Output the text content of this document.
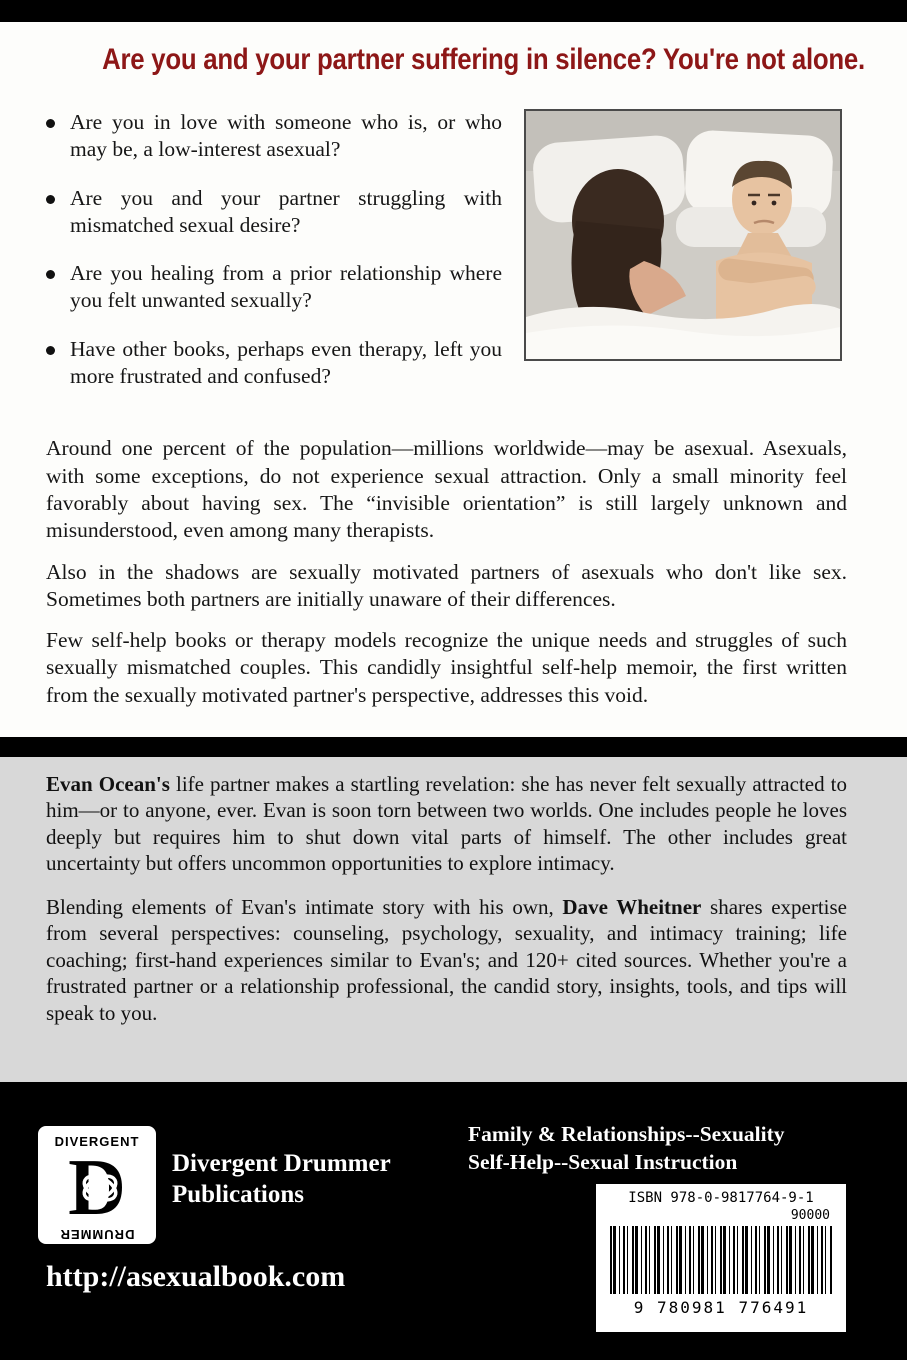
Are you and your partner suffering in silence? You're not alone.
Are you in love with someone who is, or who may be, a low-interest asexual?
Are you and your partner struggling with mismatched sexual desire?
Are you healing from a prior relationship where you felt unwanted sexually?
Have other books, perhaps even therapy, left you more frustrated and confused?

Around one percent of the population—millions worldwide—may be asexual. Asexuals, with some exceptions, do not experience sexual attraction. Only a small minority feel favorably about having sex. The “invisible orientation” is still largely unknown and misunderstood, even among many therapists.

Also in the shadows are sexually motivated partners of asexuals who don't like sex. Sometimes both partners are initially unaware of their differences.

Few self-help books or therapy models recognize the unique needs and struggles of such sexually mismatched couples. This candidly insightful self-help memoir, the first written from the sexually motivated partner's perspective, addresses this void.

Evan Ocean's life partner makes a startling revelation: she has never felt sexually attracted to him—or to anyone, ever. Evan is soon torn between two worlds. One includes people he loves deeply but requires him to shut down vital parts of himself. The other includes great uncertainty but offers uncommon opportunities to explore intimacy.

Blending elements of Evan's intimate story with his own, Dave Wheitner shares expertise from several perspectives: counseling, psychology, sexuality, and intimacy training; life coaching; first-hand experiences similar to Evan's; and 120+ cited sources. Whether you're a frustrated partner or a relationship professional, the candid story, insights, tools, and tips will speak to you.

DIVERGENT
D
DRUMMER
Divergent Drummer
Publications
Family & Relationships--Sexuality
Self-Help--Sexual Instruction
ISBN 978-0-9817764-9-1
90000
9 780981 776491
http://asexualbook.com
